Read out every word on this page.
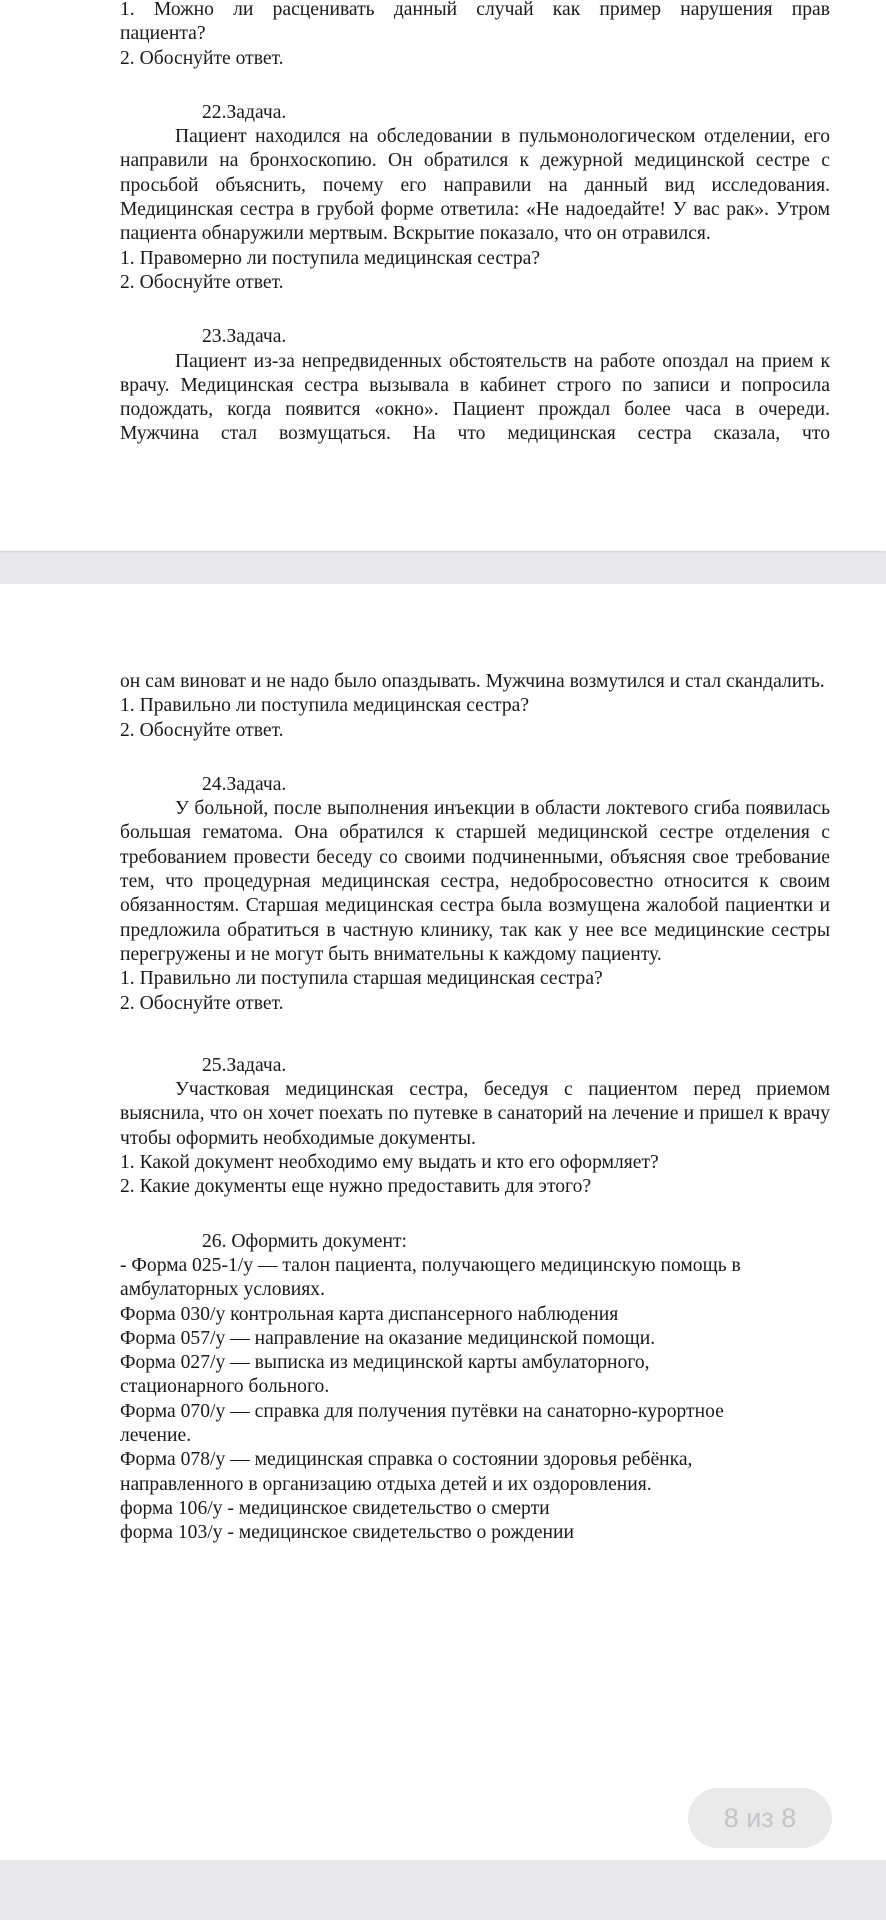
1. Можно ли расценивать данный случай как пример нарушения прав

пациента?

2. Обоснуйте ответ.

22.Задача.

Пациент находился на обследовании в пульмонологическом отделении, его направили на бронхоскопию. Он обратился к дежурной медицинской сестре с просьбой объяснить, почему его направили на данный вид исследования. Медицинская сестра в грубой форме ответила: «Не надоедайте! У вас рак». Утром пациента обнаружили мертвым. Вскрытие показало, что он отравился.

1. Правомерно ли поступила медицинская сестра?

2. Обоснуйте ответ.

23.Задача.

Пациент из-за непредвиденных обстоятельств на работе опоздал на прием к врачу. Медицинская сестра вызывала в кабинет строго по записи и попросила подождать, когда появится «окно». Пациент прождал более часа в очереди. Мужчина стал возмущаться. На что медицинская сестра сказала, что

он сам виноват и не надо было опаздывать. Мужчина возмутился и стал скандалить.

1. Правильно ли поступила медицинская сестра?

2. Обоснуйте ответ.

24.Задача.

У больной, после выполнения инъекции в области локтевого сгиба появилась большая гематома. Она обратился к старшей медицинской сестре отделения с требованием провести беседу со своими подчиненными, объясняя свое требование тем, что процедурная медицинская сестра, недобросовестно относится к своим обязанностям. Старшая медицинская сестра была возмущена жалобой пациентки и предложила обратиться в частную клинику, так как у нее все медицинские сестры перегружены и не могут быть внимательны к каждому пациенту.

1. Правильно ли поступила старшая медицинская сестра?

2. Обоснуйте ответ.

25.Задача.

Участковая медицинская сестра, беседуя с пациентом перед приемом выяснила, что он хочет поехать по путевке в санаторий на лечение и пришел к врачу чтобы оформить необходимые документы.

1. Какой документ необходимо ему выдать и кто его оформляет?

2. Какие документы еще нужно предоставить для этого?

26. Оформить документ:

- Форма 025-1/у — талон пациента, получающего медицинскую помощь в амбулаторных условиях.

Форма 030/у контрольная карта диспансерного наблюдения

Форма 057/у — направление на оказание медицинской помощи.

Форма 027/у — выписка из медицинской карты амбулаторного, стационарного больного.

Форма 070/у — справка для получения путёвки на санаторно-курортное лечение.

Форма 078/у — медицинская справка о состоянии здоровья ребёнка, направленного в организацию отдыха детей и их оздоровления.

форма 106/у - медицинское свидетельство о смерти

форма 103/у - медицинское свидетельство о рождении

8 из 8
